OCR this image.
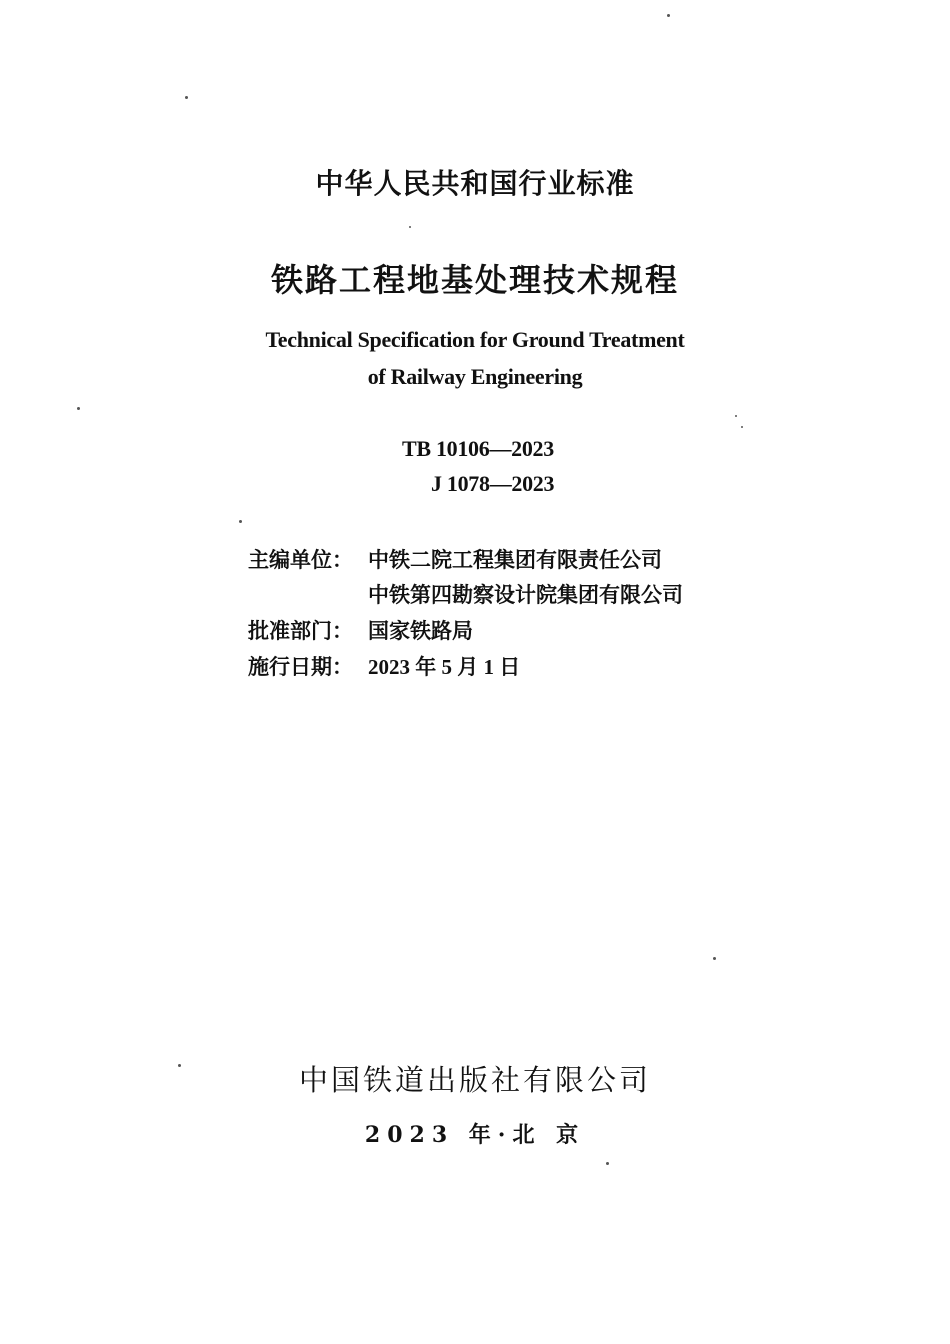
中华人民共和国行业标准
铁路工程地基处理技术规程
Technical Specification for Ground Treatment
of Railway Engineering
TB 10106—2023
J 1078—2023
主编单位： 中铁二院工程集团有限责任公司
中铁第四勘察设计院集团有限公司
批准部门： 国家铁路局
施行日期： 2023 年 5 月 1 日
中国铁道出版社有限公司
2023 年·北 京
